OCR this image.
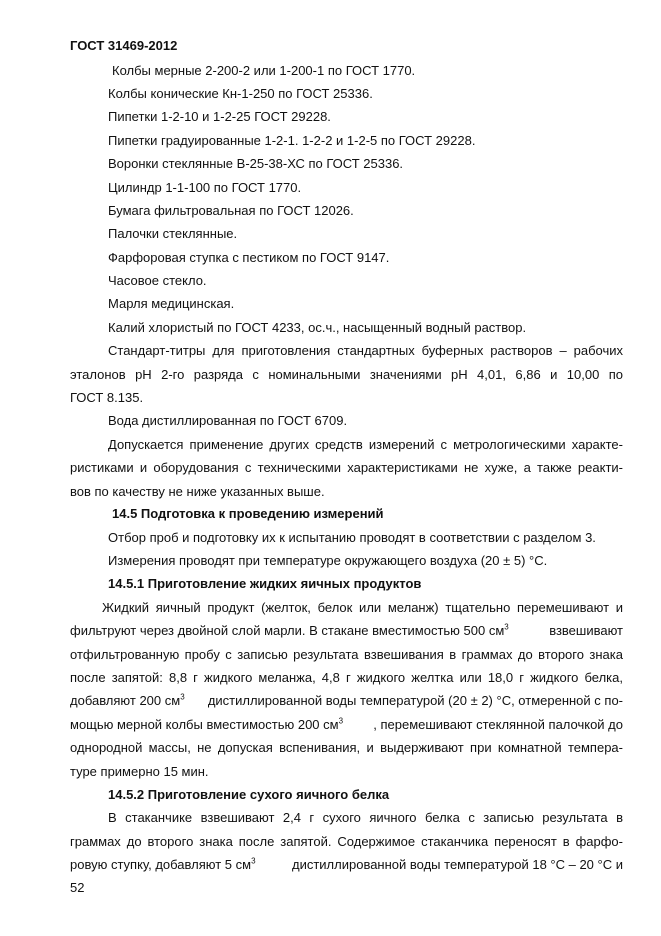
ГОСТ 31469-2012
Колбы мерные 2-200-2 или 1-200-1 по ГОСТ 1770.
Колбы конические Кн-1-250 по ГОСТ 25336.
Пипетки 1-2-10 и 1-2-25 ГОСТ 29228.
Пипетки градуированные 1-2-1. 1-2-2 и 1-2-5 по ГОСТ 29228.
Воронки стеклянные В-25-38-ХС по ГОСТ 25336.
Цилиндр 1-1-100 по ГОСТ 1770.
Бумага фильтровальная по ГОСТ 12026.
Палочки стеклянные.
Фарфоровая ступка с пестиком по ГОСТ 9147.
Часовое стекло.
Марля медицинская.
Калий хлористый по ГОСТ 4233, ос.ч., насыщенный водный раствор.
Стандарт-титры для приготовления стандартных буферных растворов – рабочих
эталонов рН 2-го разряда с номинальными значениями рН 4,01, 6,86 и 10,00 по
ГОСТ 8.135.
Вода дистиллированная по ГОСТ 6709.
Допускается применение других средств измерений с метрологическими характе-
ристиками и оборудования с техническими характеристиками не хуже, а также реакти-
вов по качеству не ниже указанных выше.
14.5 Подготовка к проведению измерений
Отбор проб и подготовку их к испытанию проводят в соответствии с разделом 3.
Измерения проводят при температуре окружающего воздуха (20 ± 5) °С.
14.5.1 Приготовление жидких яичных продуктов
Жидкий яичный продукт (желток, белок или меланж) тщательно перемешивают и
фильтруют через двойной слой марли. В стакане вместимостью 500 $см^3$	взвешивают
отфильтрованную пробу с записью результата взвешивания в граммах до второго знака
после запятой: 8,8 г жидкого меланжа, 4,8 г жидкого желтка или 18,0 г жидкого белка,
добавляют 200 $см^3$ дистиллированной воды температурой (20 ± 2) °С, отмеренной с по-
мощью мерной колбы вместимостью 200 $см^3$ , перемешивают стеклянной палочкой до
однородной массы, не допуская вспенивания, и выдерживают при комнатной темпера-
туре примерно 15 мин.
14.5.2 Приготовление сухого яичного белка
В стаканчике взвешивают 2,4 г сухого яичного белка с записью результата в
граммах до второго знака после запятой. Содержимое стаканчика переносят в фарфо-
ровую ступку, добавляют 5 $см^3$	дистиллированной воды температурой 18 °С – 20 °С и
52
